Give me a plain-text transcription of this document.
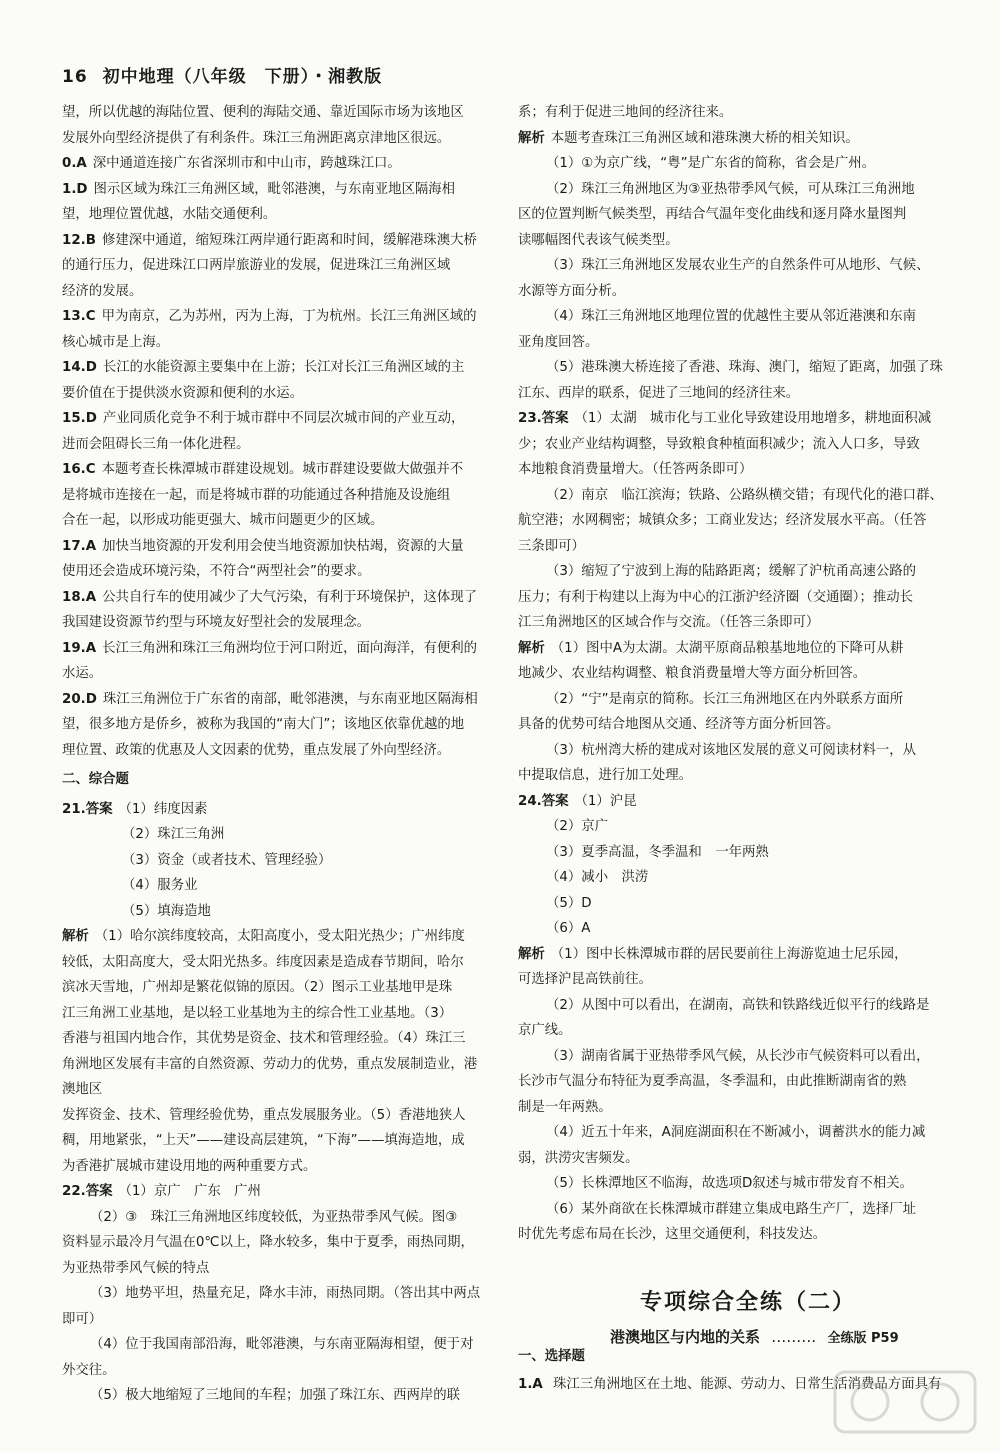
16 初中地理（八年级　下册）・湘教版
望，所以优越的海陆位置、便利的海陆交通、靠近国际市场为该地区
发展外向型经济提供了有利条件。珠江三角洲距离京津地区很远。
0.A 深中通道连接广东省深圳市和中山市，跨越珠江口。
1.D 图示区域为珠江三角洲区域，毗邻港澳，与东南亚地区隔海相
望，地理位置优越，水陆交通便利。
12.B 修建深中通道，缩短珠江两岸通行距离和时间，缓解港珠澳大桥
的通行压力，促进珠江口两岸旅游业的发展，促进珠江三角洲区域
经济的发展。
13.C 甲为南京，乙为苏州，丙为上海，丁为杭州。长江三角洲区域的
核心城市是上海。
14.D 长江的水能资源主要集中在上游；长江对长江三角洲区域的主
要价值在于提供淡水资源和便利的水运。
15.D 产业同质化竞争不利于城市群中不同层次城市间的产业互动，
进而会阻碍长三角一体化进程。
16.C 本题考查长株潭城市群建设规划。城市群建设要做大做强并不
是将城市连接在一起，而是将城市群的功能通过各种措施及设施组
合在一起，以形成功能更强大、城市问题更少的区域。
17.A 加快当地资源的开发利用会使当地资源加快枯竭，资源的大量
使用还会造成环境污染，不符合“两型社会”的要求。
18.A 公共自行车的使用减少了大气污染，有利于环境保护，这体现了
我国建设资源节约型与环境友好型社会的发展理念。
19.A 长江三角洲和珠江三角洲均位于河口附近，面向海洋，有便利的
水运。
20.D 珠江三角洲位于广东省的南部，毗邻港澳，与东南亚地区隔海相
望，很多地方是侨乡，被称为我国的“南大门”；该地区依靠优越的地
理位置、政策的优惠及人文因素的优势，重点发展了外向型经济。
二、综合题
21.答案 （1）纬度因素
（2）珠江三角洲
（3）资金（或者技术、管理经验）
（4）服务业
（5）填海造地
解析 （1）哈尔滨纬度较高，太阳高度小，受太阳光热少；广州纬度
较低，太阳高度大，受太阳光热多。纬度因素是造成春节期间，哈尔
滨冰天雪地，广州却是繁花似锦的原因。（2）图示工业基地甲是珠
江三角洲工业基地，是以轻工业基地为主的综合性工业基地。（3）
香港与祖国内地合作，其优势是资金、技术和管理经验。（4）珠江三
角洲地区发展有丰富的自然资源、劳动力的优势，重点发展制造业，港澳地区
发挥资金、技术、管理经验优势，重点发展服务业。（5）香港地狭人
稠，用地紧张，“上天”——建设高层建筑，“下海”——填海造地，成
为香港扩展城市建设用地的两种重要方式。
22.答案 （1）京广　广东　广州
（2）③　珠江三角洲地区纬度较低，为亚热带季风气候。图③
资料显示最冷月气温在0℃以上，降水较多，集中于夏季，雨热同期，
为亚热带季风气候的特点
（3）地势平坦，热量充足，降水丰沛，雨热同期。（答出其中两点
即可）
（4）位于我国南部沿海，毗邻港澳，与东南亚隔海相望，便于对
外交往。
（5）极大地缩短了三地间的车程；加强了珠江东、西两岸的联
系；有利于促进三地间的经济往来。
解析 本题考查珠江三角洲区域和港珠澳大桥的相关知识。
（1）①为京广线，“粤”是广东省的简称，省会是广州。
（2）珠江三角洲地区为③亚热带季风气候，可从珠江三角洲地
区的位置判断气候类型，再结合气温年变化曲线和逐月降水量图判
读哪幅图代表该气候类型。
（3）珠江三角洲地区发展农业生产的自然条件可从地形、气候、
水源等方面分析。
（4）珠江三角洲地区地理位置的优越性主要从邻近港澳和东南
亚角度回答。
（5）港珠澳大桥连接了香港、珠海、澳门，缩短了距离，加强了珠
江东、西岸的联系，促进了三地间的经济往来。
23.答案 （1）太湖　城市化与工业化导致建设用地增多，耕地面积减
少；农业产业结构调整，导致粮食种植面积减少；流入人口多，导致
本地粮食消费量增大。（任答两条即可）
（2）南京　临江滨海；铁路、公路纵横交错；有现代化的港口群、
航空港；水网稠密；城镇众多；工商业发达；经济发展水平高。（任答
三条即可）
（3）缩短了宁波到上海的陆路距离；缓解了沪杭甬高速公路的
压力；有利于构建以上海为中心的江浙沪经济圈（交通圈）；推动长
江三角洲地区的区域合作与交流。（任答三条即可）
解析 （1）图中A为太湖。太湖平原商品粮基地地位的下降可从耕
地减少、农业结构调整、粮食消费量增大等方面分析回答。
（2）“宁”是南京的简称。长江三角洲地区在内外联系方面所
具备的优势可结合地图从交通、经济等方面分析回答。
（3）杭州湾大桥的建成对该地区发展的意义可阅读材料一，从
中提取信息，进行加工处理。
24.答案 （1）沪昆
（2）京广
（3）夏季高温，冬季温和　一年两熟
（4）减小　洪涝
（5）D
（6）A
解析 （1）图中长株潭城市群的居民要前往上海游览迪士尼乐园，
可选择沪昆高铁前往。
（2）从图中可以看出，在湖南，高铁和铁路线近似平行的线路是
京广线。
（3）湖南省属于亚热带季风气候，从长沙市气候资料可以看出，
长沙市气温分布特征为夏季高温，冬季温和，由此推断湖南省的熟
制是一年两熟。
（4）近五十年来，A洞庭湖面积在不断减小，调蓄洪水的能力减
弱，洪涝灾害频发。
（5）长株潭地区不临海，故选项D叙述与城市带发育不相关。
（6）某外商欲在长株潭城市群建立集成电路生产厂，选择厂址
时优先考虑布局在长沙，这里交通便利，科技发达。
专项综合全练（二）
港澳地区与内地的关系 ……… 全练版 P59
一、选择题
1.A 珠江三角洲地区在土地、能源、劳动力、日常生活消费品方面具有
